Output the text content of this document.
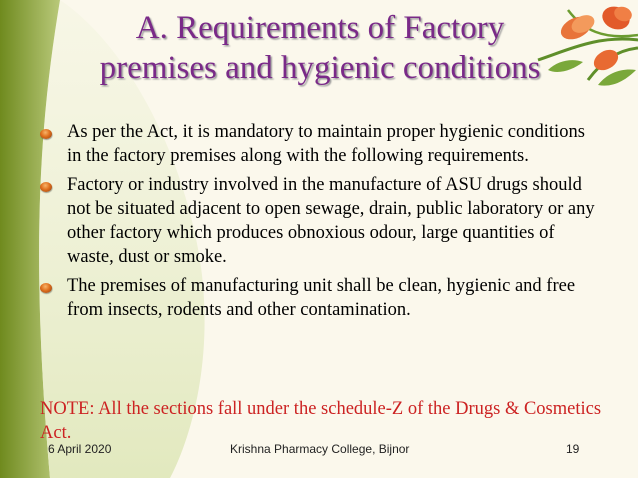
A. Requirements of Factory
premises and hygienic conditions
As per the Act, it is mandatory to maintain proper hygienic conditions in the factory premises along with the following requirements.
Factory or industry involved in the manufacture of ASU drugs should not be situated adjacent to open sewage, drain, public laboratory or any other factory which produces obnoxious odour, large quantities of waste, dust or smoke.
The premises of manufacturing unit shall be clean, hygienic and free from insects, rodents and other contamination.

NOTE: All the sections fall under the schedule-Z of the Drugs & Cosmetics Act.

6 April 2020	Krishna Pharmacy College, Bijnor	19
